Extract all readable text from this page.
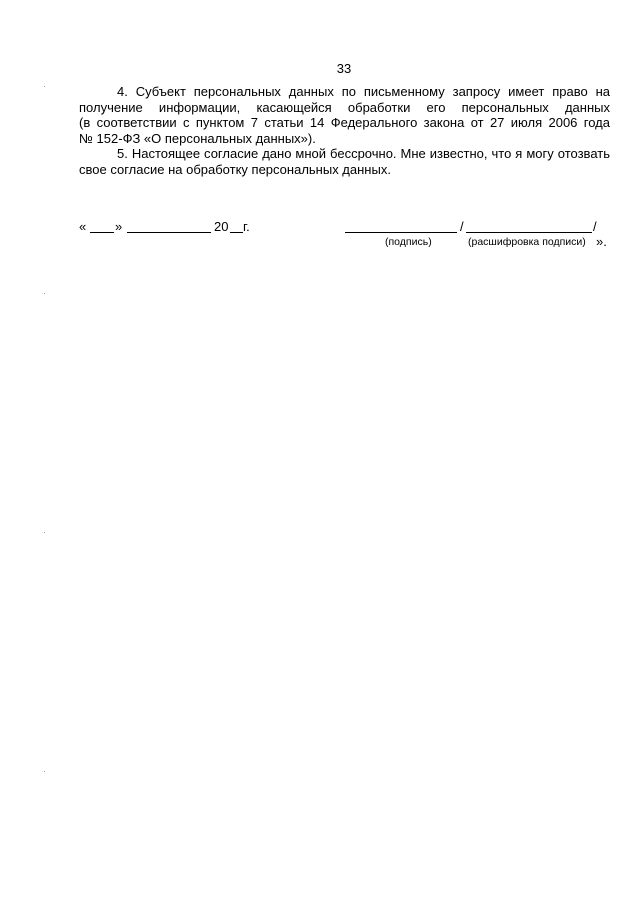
33
4. Субъект персональных данных по письменному запросу имеет право на
получение информации, касающейся обработки его персональных данных
(в соответствии с пунктом 7 статьи 14 Федерального закона от 27 июля 2006 года
№ 152-ФЗ «О персональных данных»).
5. Настоящее согласие дано мной бессрочно. Мне известно, что я могу отозвать
свое согласие на обработку персональных данных.
« »	20 г.	/	/
(подпись)	(расшифровка подписи) ».
